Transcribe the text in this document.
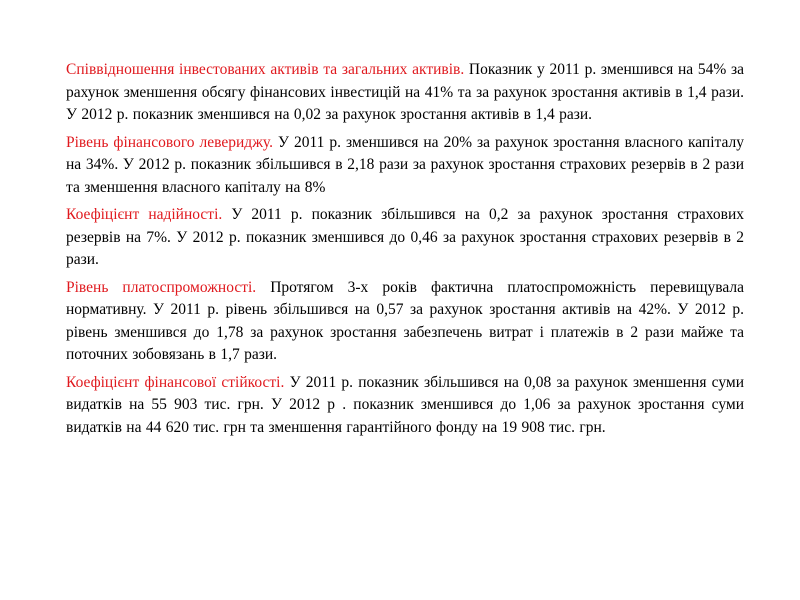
Співвідношення інвестованих активів та загальних активів. Показник у 2011 р. зменшився на 54% за рахунок зменшення обсягу фінансових інвестицій на 41% та за рахунок зростання активів в 1,4 рази. У 2012 р. показник зменшився на 0,02 за рахунок зростання активів в 1,4 рази.

Рівень фінансового левериджу. У 2011 р. зменшився на 20% за рахунок зростання власного капіталу на 34%. У 2012 р. показник збільшився в 2,18 рази за рахунок зростання страхових резервів в 2 рази та зменшення власного капіталу на 8%

Коефіцієнт надійності. У 2011 р. показник збільшився на 0,2 за рахунок зростання страхових резервів на 7%. У 2012 р. показник зменшився до 0,46 за рахунок зростання страхових резервів в 2 рази.

Рівень платоспроможності. Протягом 3-х років фактична платоспроможність перевищувала нормативну. У 2011 р. рівень збільшився на 0,57 за рахунок зростання активів на 42%. У 2012 р. рівень зменшився до 1,78 за рахунок зростання забезпечень витрат і платежів в 2 рази майже та поточних зобовязань в 1,7 рази.

Коефіцієнт фінансової стійкості. У 2011 р. показник збільшився на 0,08 за рахунок зменшення суми видатків на 55 903 тис. грн. У 2012 р . показник зменшився до 1,06 за рахунок зростання суми видатків на 44 620 тис. грн та зменшення гарантійного фонду на 19 908 тис. грн.
